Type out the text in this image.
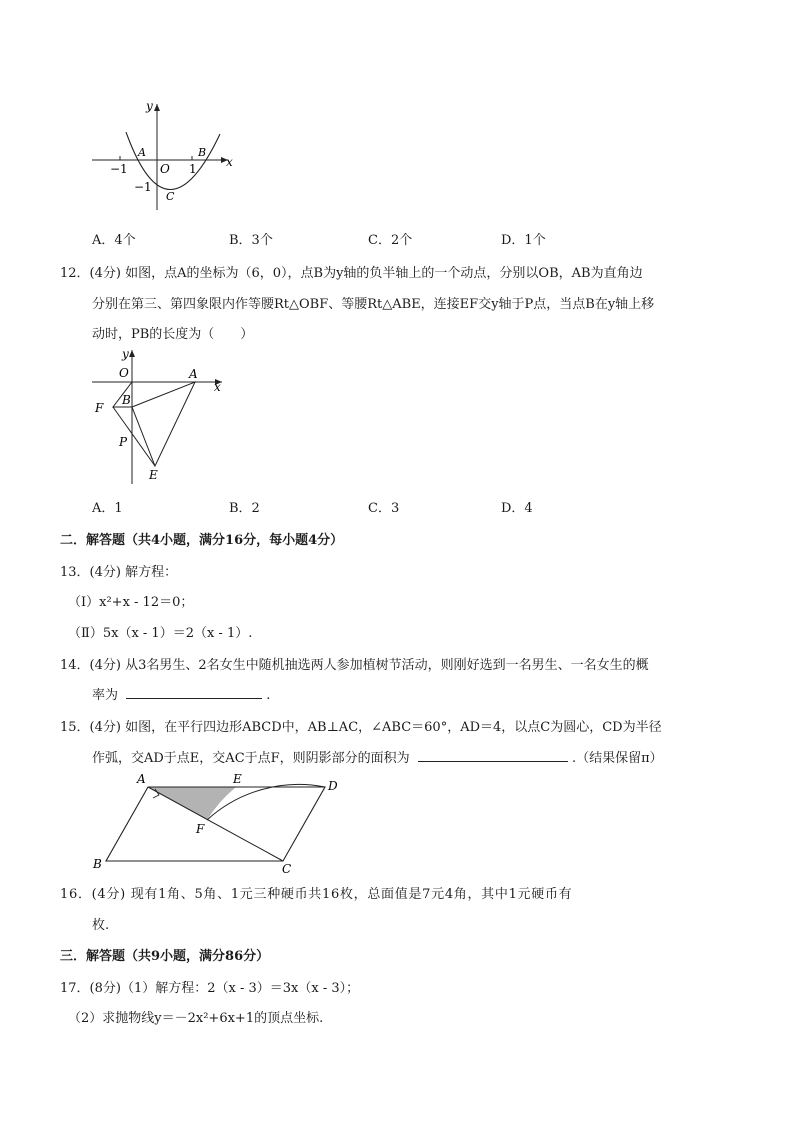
y
x
A
O
B
C
−1	1
−1
A．4个	B．3个	C．2个	D．1个
12．(4分) 如图，点A的坐标为（6，0），点B为y轴的负半轴上的一个动点，分别以OB，AB为直角边
分别在第三、第四象限内作等腰Rt△OBF、等腰Rt△ABE，连接EF交y轴于P点，当点B在y轴上移
动时，PB的长度为（　　）
y
O	A
x
F
B
P
E
A．1	B．2	C．3	D．4
二．解答题（共4小题，满分16分，每小题4分）
13．(4分) 解方程：
（Ⅰ）x²+x - 12＝0；
（Ⅱ）5x（x - 1）＝2（x - 1）.
14．(4分) 从3名男生、2名女生中随机抽选两人参加植树节活动，则刚好选到一名男生、一名女生的概
率为	.
15．(4分) 如图，在平行四边形ABCD中，AB⊥AC，∠ABC＝60°，AD＝4，以点C为圆心，CD为半径
作弧，交AD于点E，交AC于点F，则阴影部分的面积为	.（结果保留π）
A	E	D
F
B	C
16．(4分) 现有1角、5角、1元三种硬币共16枚，总面值是7元4角，其中1元硬币有
枚.
三．解答题（共9小题，满分86分）
17．(8分)（1）解方程：2（x - 3）＝3x（x - 3）；
（2）求抛物线y＝－2x²+6x+1的顶点坐标.
